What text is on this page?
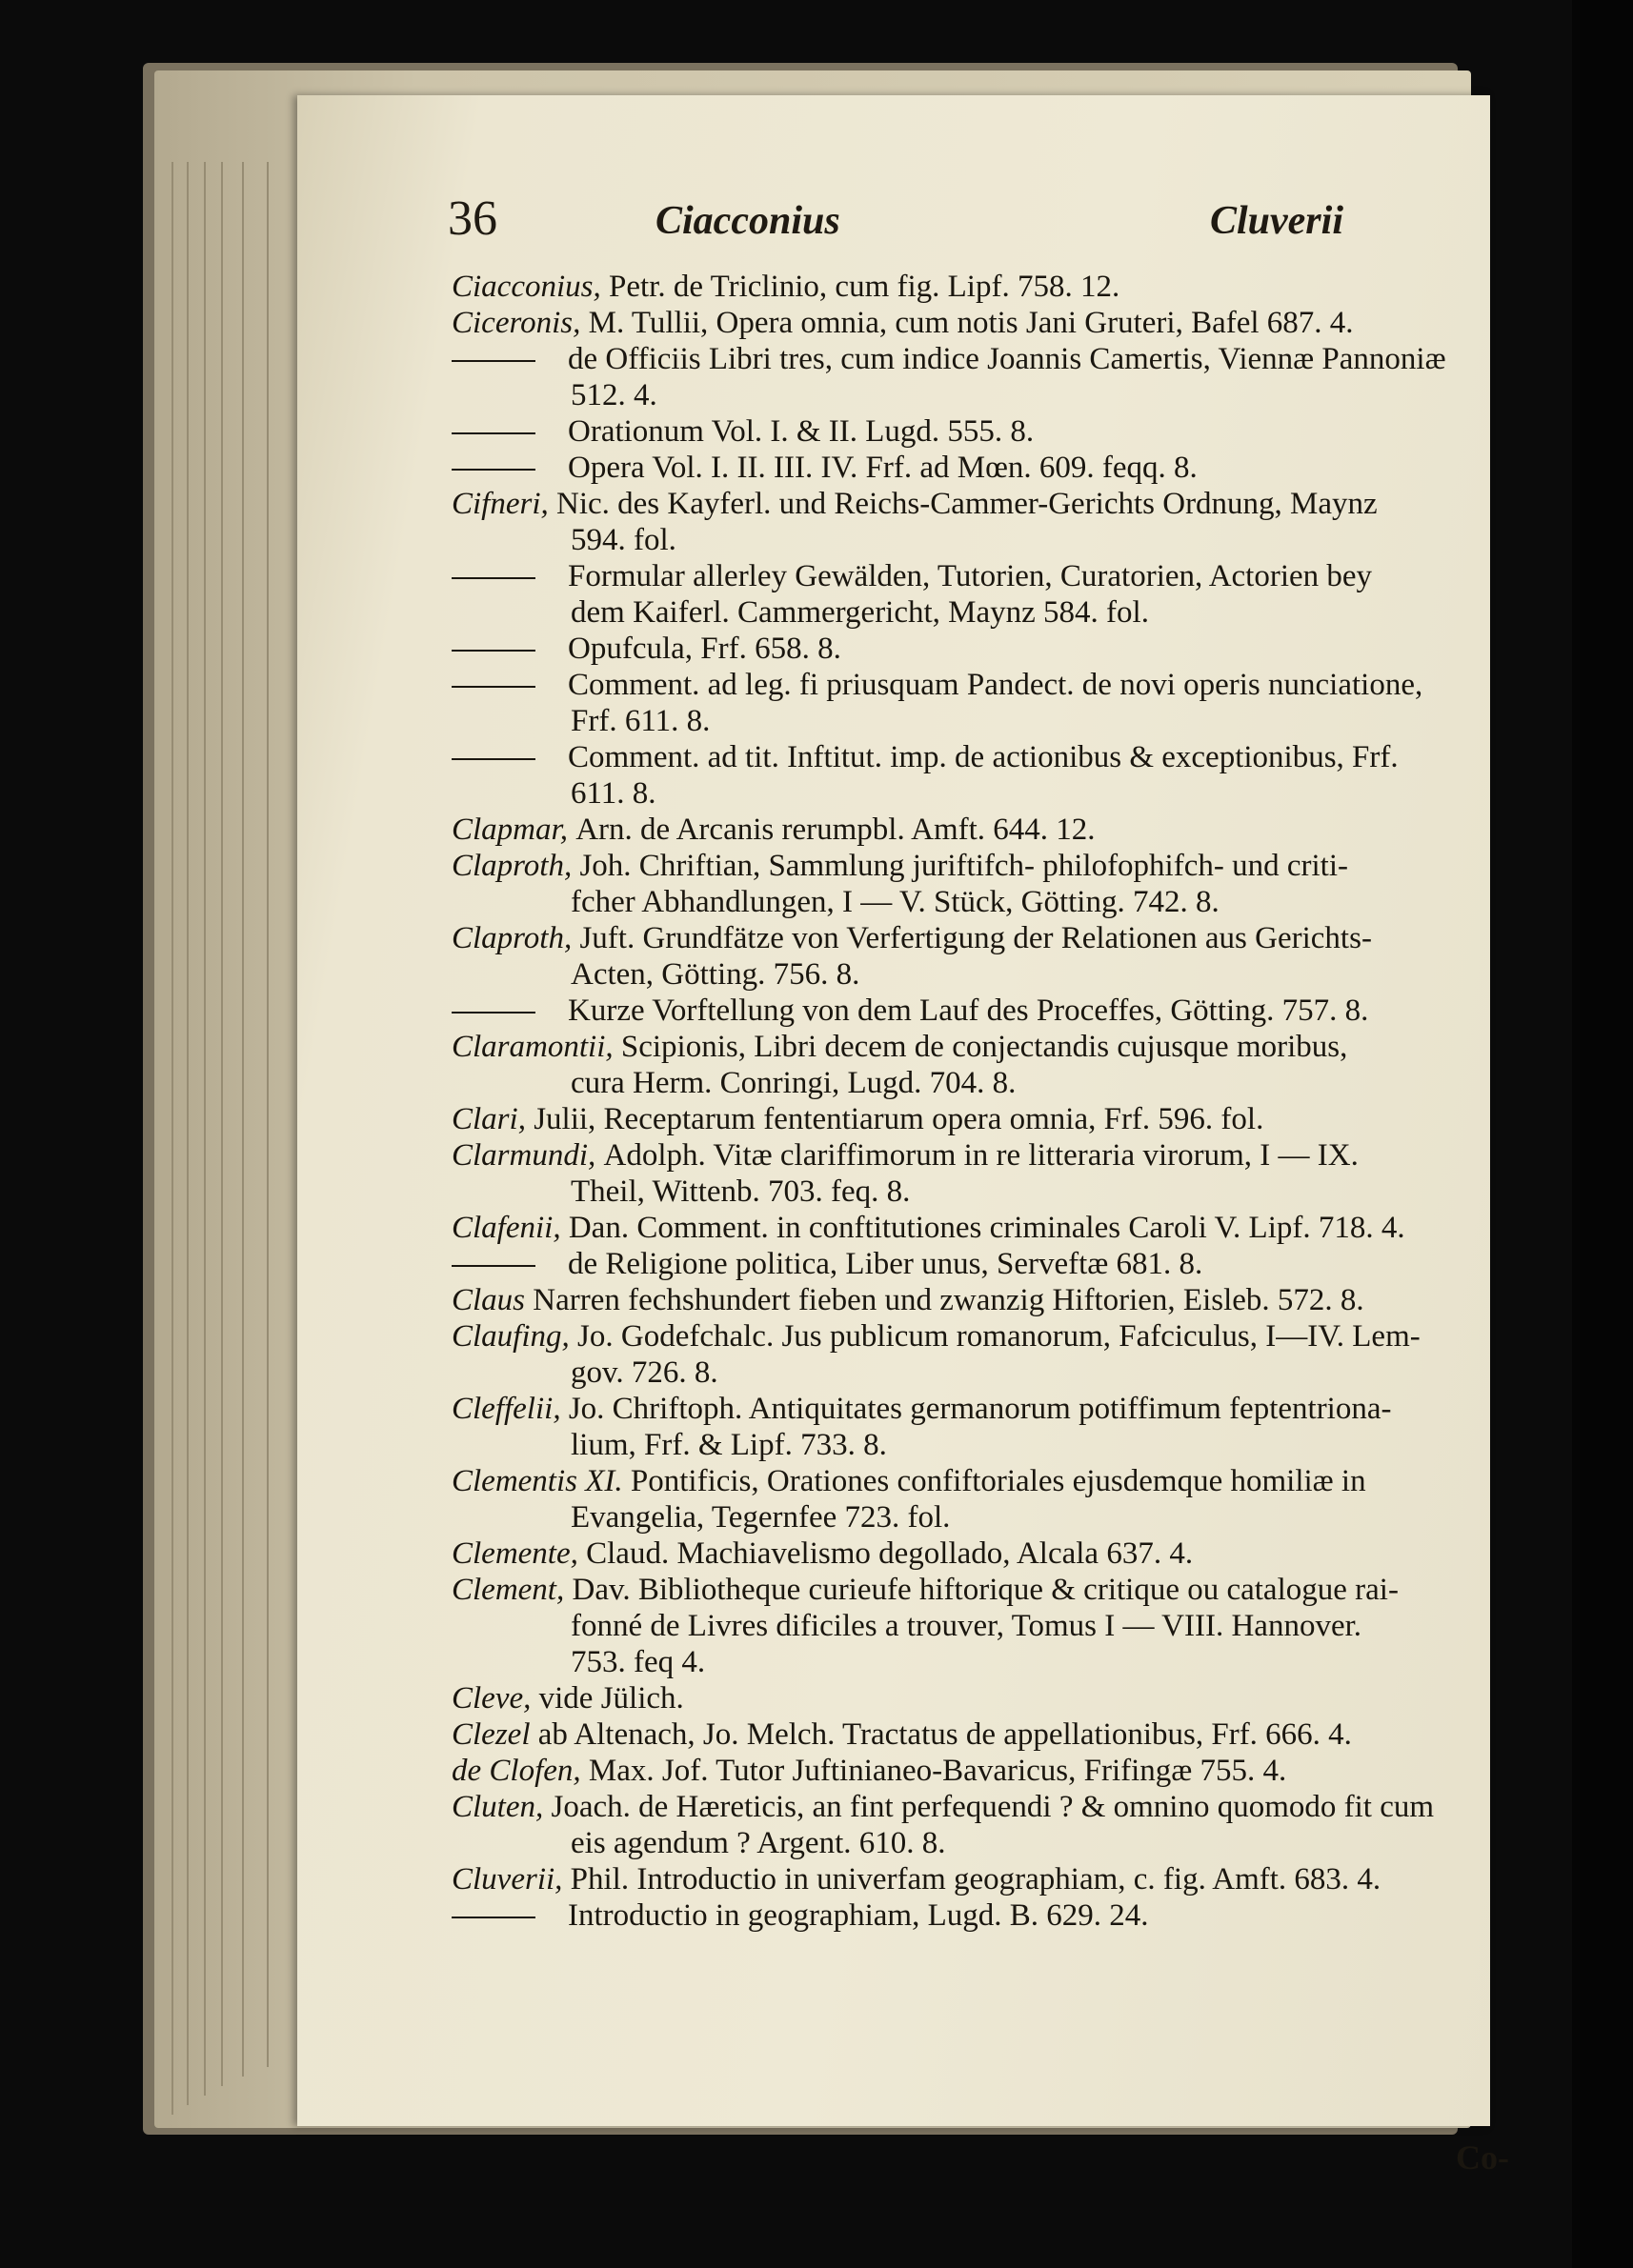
36	Ciacconius	Cluverii
Ciacconius, Petr. de Triclinio, cum fig. Lipf. 758. 12.
Ciceronis, M. Tullii, Opera omnia, cum notis Jani Gruteri, Bafel 687. 4.
de Officiis Libri tres, cum indice Joannis Camertis, Viennæ Pannoniæ
512. 4.
Orationum Vol. I. & II. Lugd. 555. 8.
Opera Vol. I. II. III. IV. Frf. ad Mœn. 609. feqq. 8.
Cifneri, Nic. des Kayferl. und Reichs-Cammer-Gerichts Ordnung, Maynz
594. fol.
Formular allerley Gewälden, Tutorien, Curatorien, Actorien bey
dem Kaiferl. Cammergericht, Maynz 584. fol.
Opufcula, Frf. 658. 8.
Comment. ad leg. fi priusquam Pandect. de novi operis nunciatione,
Frf. 611. 8.
Comment. ad tit. Inftitut. imp. de actionibus & exceptionibus, Frf.
611. 8.
Clapmar, Arn. de Arcanis rerumpbl. Amft. 644. 12.
Claproth, Joh. Chriftian, Sammlung juriftifch- philofophifch- und criti-
fcher Abhandlungen, I — V. Stück, Götting. 742. 8.
Claproth, Juft. Grundfätze von Verfertigung der Relationen aus Gerichts-
Acten, Götting. 756. 8.
Kurze Vorftellung von dem Lauf des Proceffes, Götting. 757. 8.
Claramontii, Scipionis, Libri decem de conjectandis cujusque moribus,
cura Herm. Conringi, Lugd. 704. 8.
Clari, Julii, Receptarum fententiarum opera omnia, Frf. 596. fol.
Clarmundi, Adolph. Vitæ clariffimorum in re litteraria virorum, I — IX.
Theil, Wittenb. 703. feq. 8.
Clafenii, Dan. Comment. in conftitutiones criminales Caroli V. Lipf. 718. 4.
de Religione politica, Liber unus, Serveftæ 681. 8.
Claus Narren fechshundert fieben und zwanzig Hiftorien, Eisleb. 572. 8.
Claufing, Jo. Godefchalc. Jus publicum romanorum, Fafciculus, I—IV. Lem-
gov. 726. 8.
Cleffelii, Jo. Chriftoph. Antiquitates germanorum potiffimum feptentriona-
lium, Frf. & Lipf. 733. 8.
Clementis XI. Pontificis, Orationes confiftoriales ejusdemque homiliæ in
Evangelia, Tegernfee 723. fol.
Clemente, Claud. Machiavelismo degollado, Alcala 637. 4.
Clement, Dav. Bibliotheque curieufe hiftorique & critique ou catalogue rai-
fonné de Livres dificiles a trouver, Tomus I — VIII. Hannover.
753. feq 4.
Cleve, vide Jülich.
Clezel ab Altenach, Jo. Melch. Tractatus de appellationibus, Frf. 666. 4.
de Clofen, Max. Jof. Tutor Juftinianeo-Bavaricus, Frifingæ 755. 4.
Cluten, Joach. de Hæreticis, an fint perfequendi ? & omnino quomodo fit cum
eis agendum ? Argent. 610. 8.
Cluverii, Phil. Introductio in univerfam geographiam, c. fig. Amft. 683. 4.
Introductio in geographiam, Lugd. B. 629. 24.
Co-
